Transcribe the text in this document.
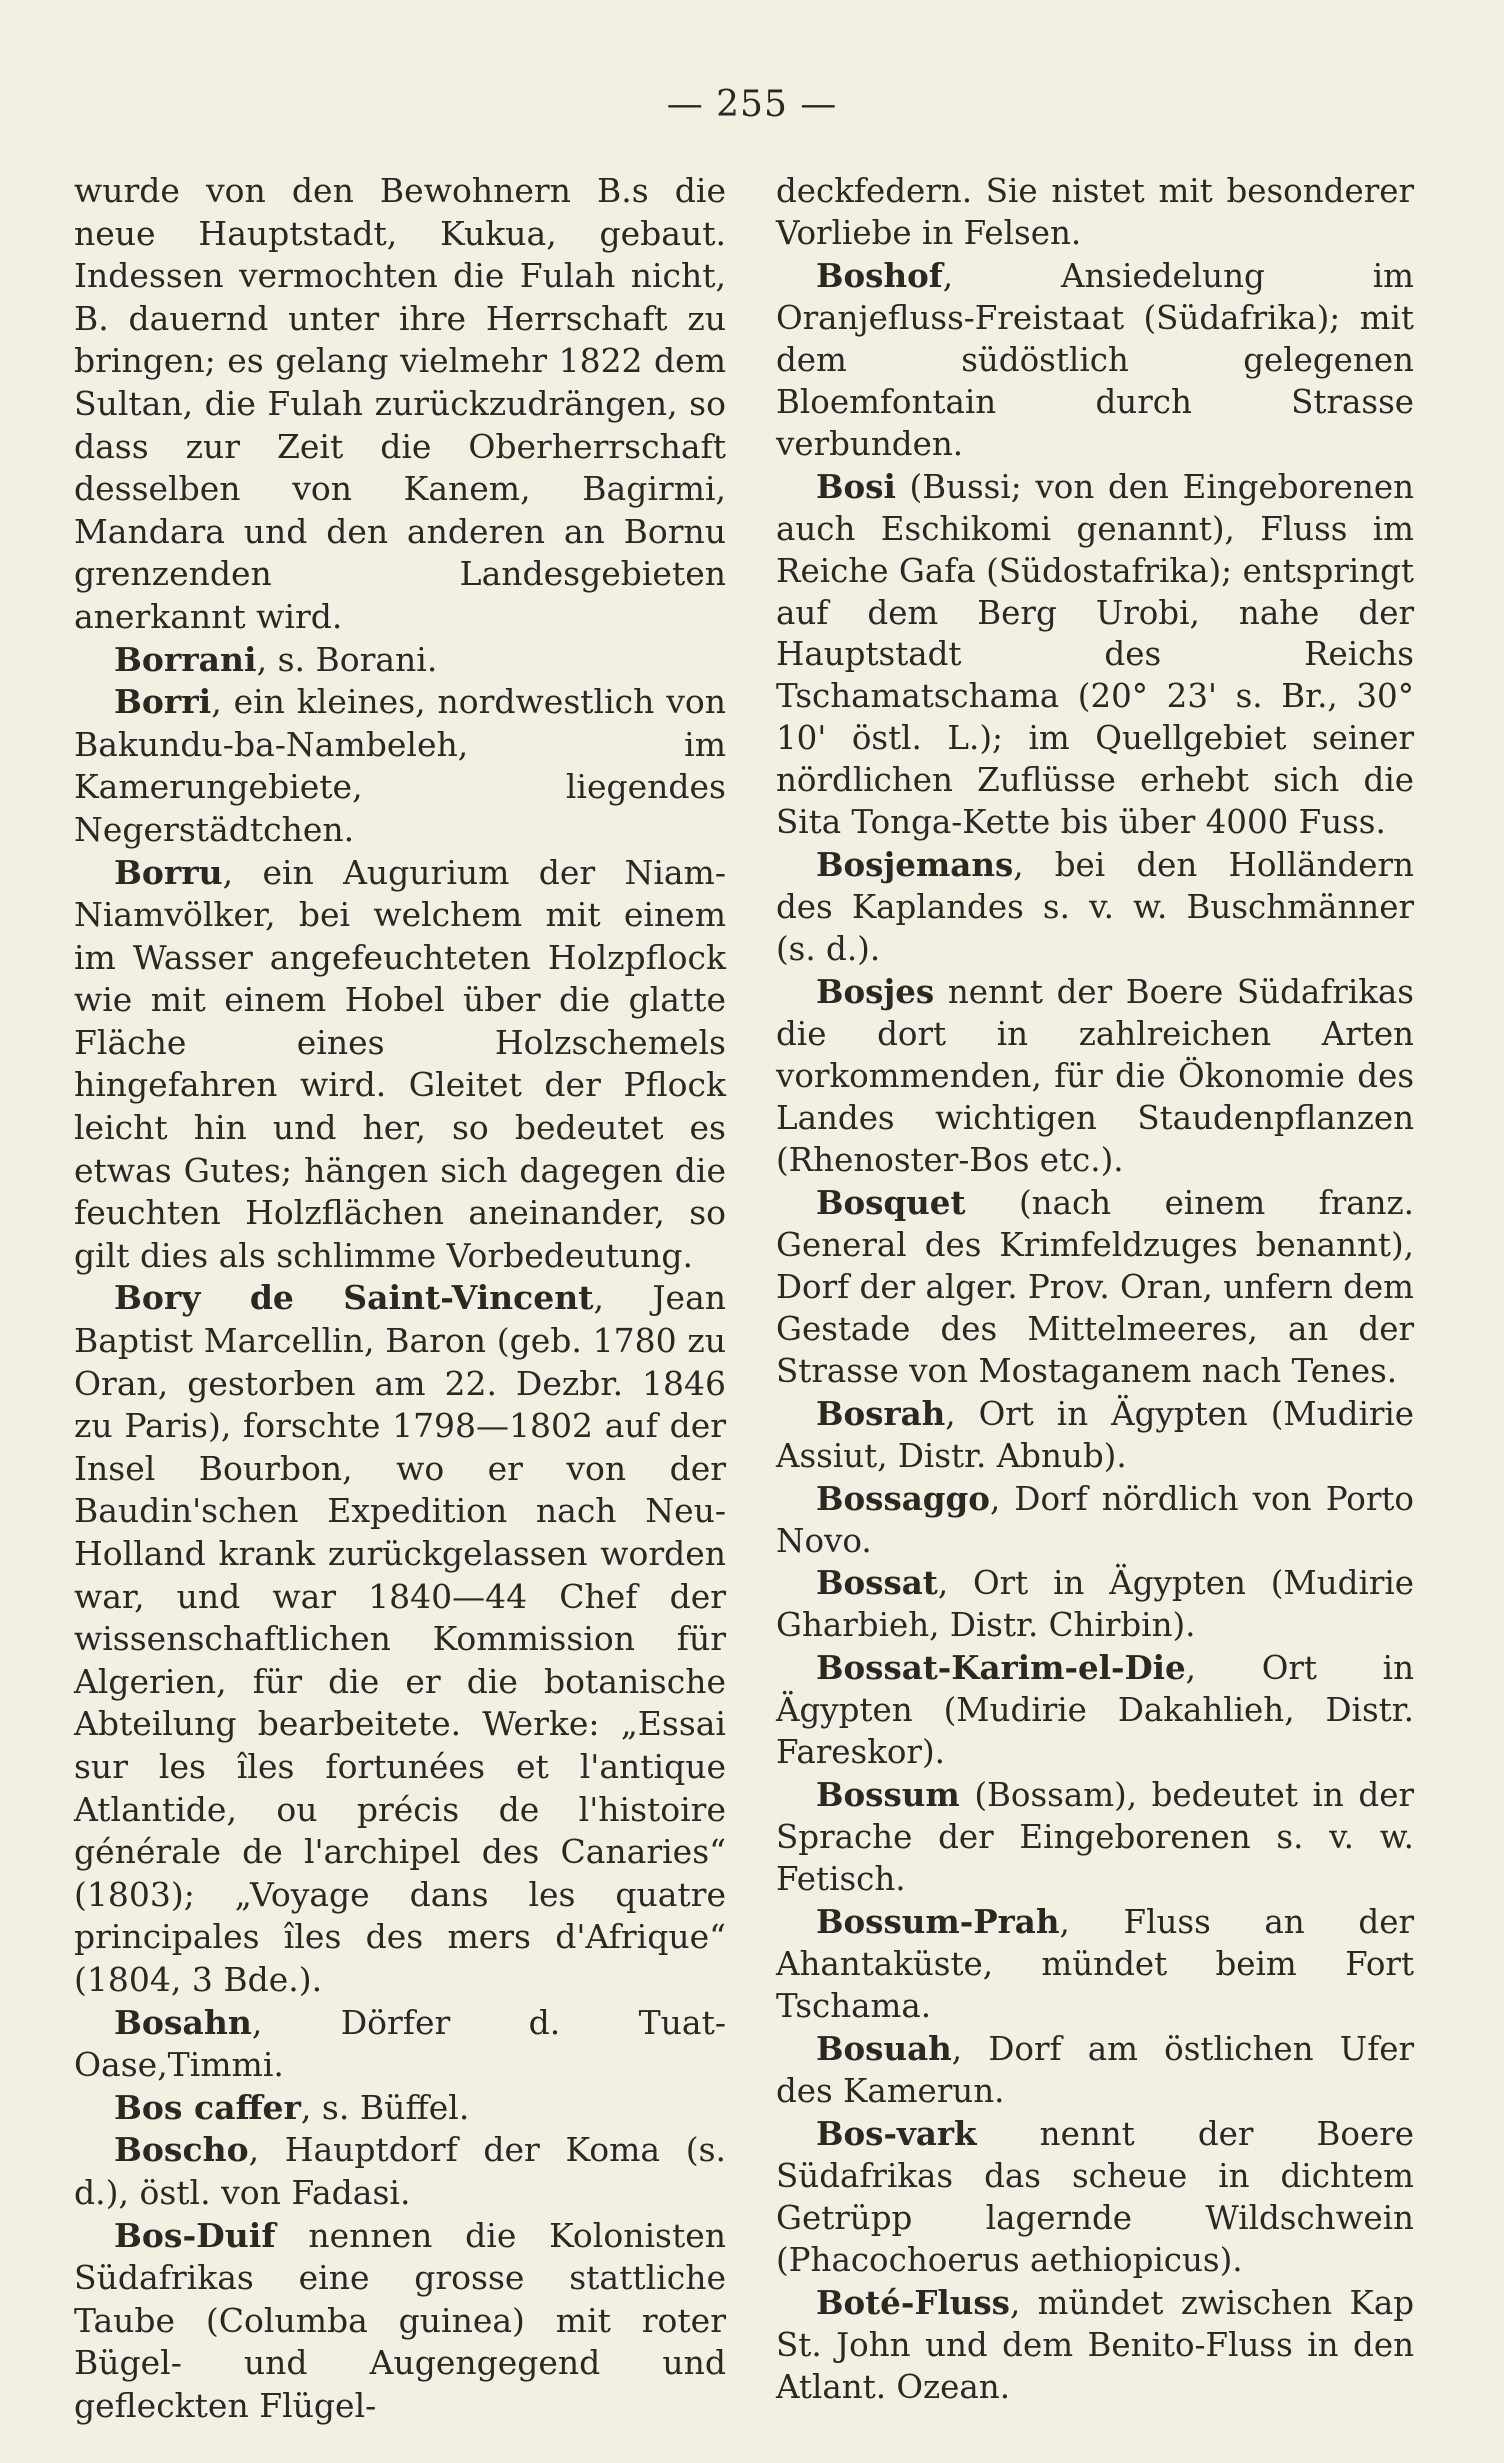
— 255 —

wurde von den Bewohnern B.s die neue Hauptstadt, Kukua, gebaut. Indessen vermochten die Fulah nicht, B. dauernd unter ihre Herrschaft zu bringen; es gelang vielmehr 1822 dem Sultan, die Fulah zurückzudrängen, so dass zur Zeit die Oberherrschaft desselben von Kanem, Bagirmi, Mandara und den anderen an Bornu grenzenden Landesgebieten anerkannt wird.

Borrani, s. Borani.

Borri, ein kleines, nordwestlich von Bakundu-ba-Nambeleh, im Kamerungebiete, liegendes Negerstädtchen.

Borru, ein Augurium der Niam-Niamvölker, bei welchem mit einem im Wasser angefeuchteten Holzpflock wie mit einem Hobel über die glatte Fläche eines Holzschemels hingefahren wird. Gleitet der Pflock leicht hin und her, so bedeutet es etwas Gutes; hängen sich dagegen die feuchten Holzflächen aneinander, so gilt dies als schlimme Vorbedeutung.

Bory de Saint-Vincent, Jean Baptist Marcellin, Baron (geb. 1780 zu Oran, gestorben am 22. Dezbr. 1846 zu Paris), forschte 1798—1802 auf der Insel Bourbon, wo er von der Baudin'schen Expedition nach Neu-Holland krank zurückgelassen worden war, und war 1840—44 Chef der wissenschaftlichen Kommission für Algerien, für die er die botanische Abteilung bearbeitete. Werke: „Essai sur les îles fortunées et l'antique Atlantide, ou précis de l'histoire générale de l'archipel des Canaries“ (1803); „Voyage dans les quatre principales îles des mers d'Afrique“ (1804, 3 Bde.).

Bosahn, Dörfer d. Tuat-Oase,Timmi.

Bos caffer, s. Büffel.

Boscho, Hauptdorf der Koma (s. d.), östl. von Fadasi.

Bos-Duif nennen die Kolonisten Südafrikas eine grosse stattliche Taube (Columba guinea) mit roter Bügel- und Augengegend und gefleckten Flügel-

deckfedern. Sie nistet mit besonderer Vorliebe in Felsen.

Boshof, Ansiedelung im Oranjefluss-Freistaat (Südafrika); mit dem südöstlich gelegenen Bloemfontain durch Strasse verbunden.

Bosi (Bussi; von den Eingeborenen auch Eschikomi genannt), Fluss im Reiche Gafa (Südostafrika); entspringt auf dem Berg Urobi, nahe der Hauptstadt des Reichs Tschamatschama (20° 23' s. Br., 30° 10' östl. L.); im Quellgebiet seiner nördlichen Zuflüsse erhebt sich die Sita Tonga-Kette bis über 4000 Fuss.

Bosjemans, bei den Holländern des Kaplandes s. v. w. Buschmänner (s. d.).

Bosjes nennt der Boere Südafrikas die dort in zahlreichen Arten vorkommenden, für die Ökonomie des Landes wichtigen Staudenpflanzen (Rhenoster-Bos etc.).

Bosquet (nach einem franz. General des Krimfeldzuges benannt), Dorf der alger. Prov. Oran, unfern dem Gestade des Mittelmeeres, an der Strasse von Mostaganem nach Tenes.

Bosrah, Ort in Ägypten (Mudirie Assiut, Distr. Abnub).

Bossaggo, Dorf nördlich von Porto Novo.

Bossat, Ort in Ägypten (Mudirie Gharbieh, Distr. Chirbin).

Bossat-Karim-el-Die, Ort in Ägypten (Mudirie Dakahlieh, Distr. Fareskor).

Bossum (Bossam), bedeutet in der Sprache der Eingeborenen s. v. w. Fetisch.

Bossum-Prah, Fluss an der Ahantaküste, mündet beim Fort Tschama.

Bosuah, Dorf am östlichen Ufer des Kamerun.

Bos-vark nennt der Boere Südafrikas das scheue in dichtem Getrüpp lagernde Wildschwein (Phacochoerus aethiopicus).

Boté-Fluss, mündet zwischen Kap St. John und dem Benito-Fluss in den Atlant. Ozean.
